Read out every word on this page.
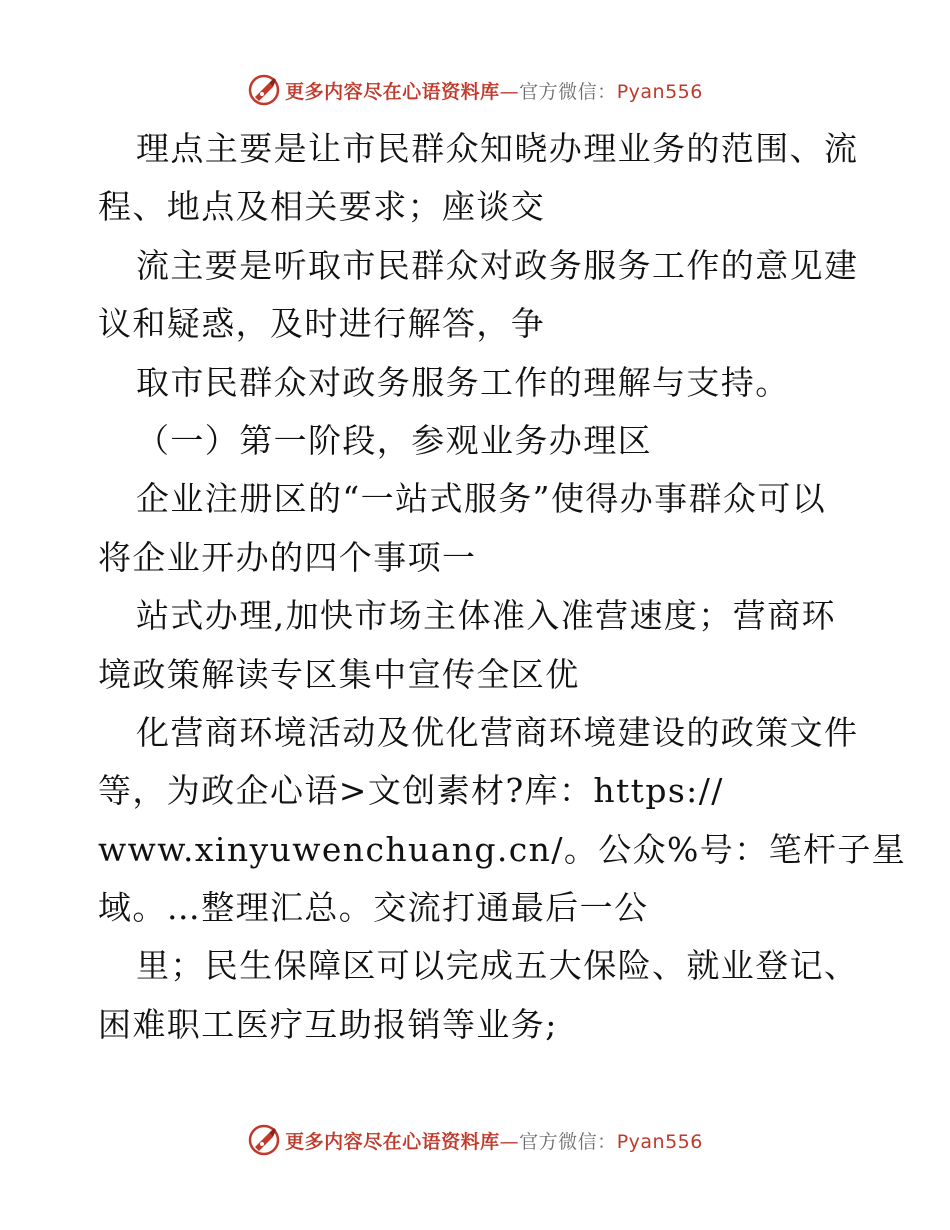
更多内容尽在心语资料库—官方微信：Pyan556
理点主要是让市民群众知晓办理业务的范围、流
程、地点及相关要求；座谈交
流主要是听取市民群众对政务服务工作的意见建
议和疑惑，及时进行解答，争
取市民群众对政务服务工作的理解与支持。
（一）第一阶段，参观业务办理区
企业注册区的“一站式服务”使得办事群众可以
将企业开办的四个事项一
站式办理,加快市场主体准入准营速度；营商环
境政策解读专区集中宣传全区优
化营商环境活动及优化营商环境建设的政策文件
等，为政企心语>文创素材?库：https://
www.xinyuwenchuang.cn/。公众%号：笔杆子星
域。…整理汇总。交流打通最后一公
里；民生保障区可以完成五大保险、就业登记、
困难职工医疗互助报销等业务;
更多内容尽在心语资料库—官方微信：Pyan556
